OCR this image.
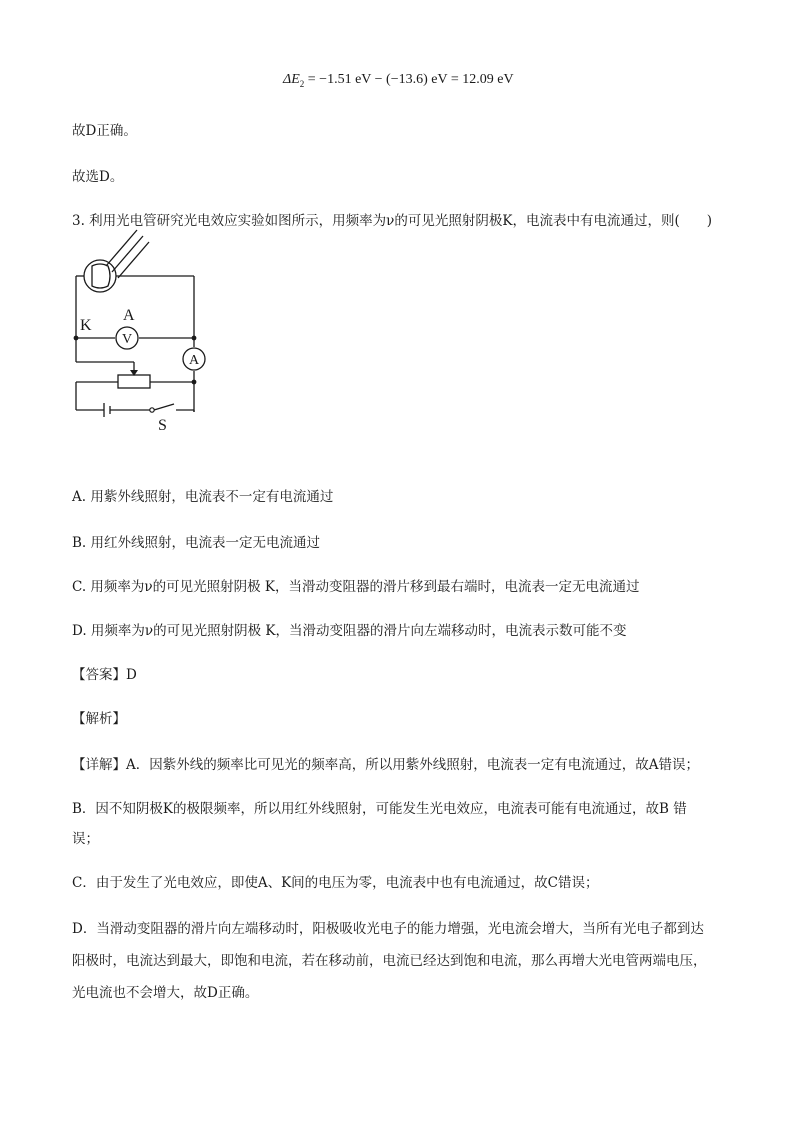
$\Delta E_2 = -1.51$ eV − (−13.6) eV = 12.09 eV
故D正确。
故选D。
3. 利用光电管研究光电效应实验如图所示，用频率为ν的可见光照射阴极K，电流表中有电流通过，则(　　)
K
A
V
A
S
A. 用紫外线照射，电流表不一定有电流通过
B. 用红外线照射，电流表一定无电流通过
C. 用频率为ν的可见光照射阴极 K，当滑动变阻器的滑片移到最右端时，电流表一定无电流通过
D. 用频率为ν的可见光照射阴极 K，当滑动变阻器的滑片向左端移动时，电流表示数可能不变
【答案】D
【解析】
【详解】A．因紫外线的频率比可见光的频率高，所以用紫外线照射，电流表一定有电流通过，故A错误；
B．因不知阴极K的极限频率，所以用红外线照射，可能发生光电效应，电流表可能有电流通过，故B 错
误；
C．由于发生了光电效应，即使A、K间的电压为零，电流表中也有电流通过，故C错误；
D．当滑动变阻器的滑片向左端移动时，阳极吸收光电子的能力增强，光电流会增大，当所有光电子都到达
阳极时，电流达到最大，即饱和电流，若在移动前，电流已经达到饱和电流，那么再增大光电管两端电压，
光电流也不会增大，故D正确。
